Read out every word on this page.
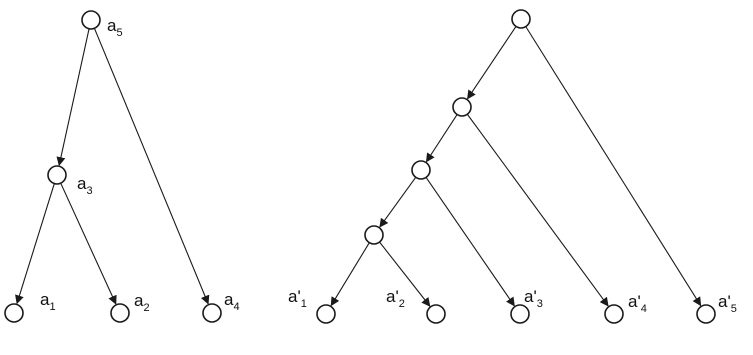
$a_5$
$a_3$
$a_1$	$a_2$	$a_4$
$a'_1$	$a'_2$	$a'_3$	$a'_4$	$a'_5$
